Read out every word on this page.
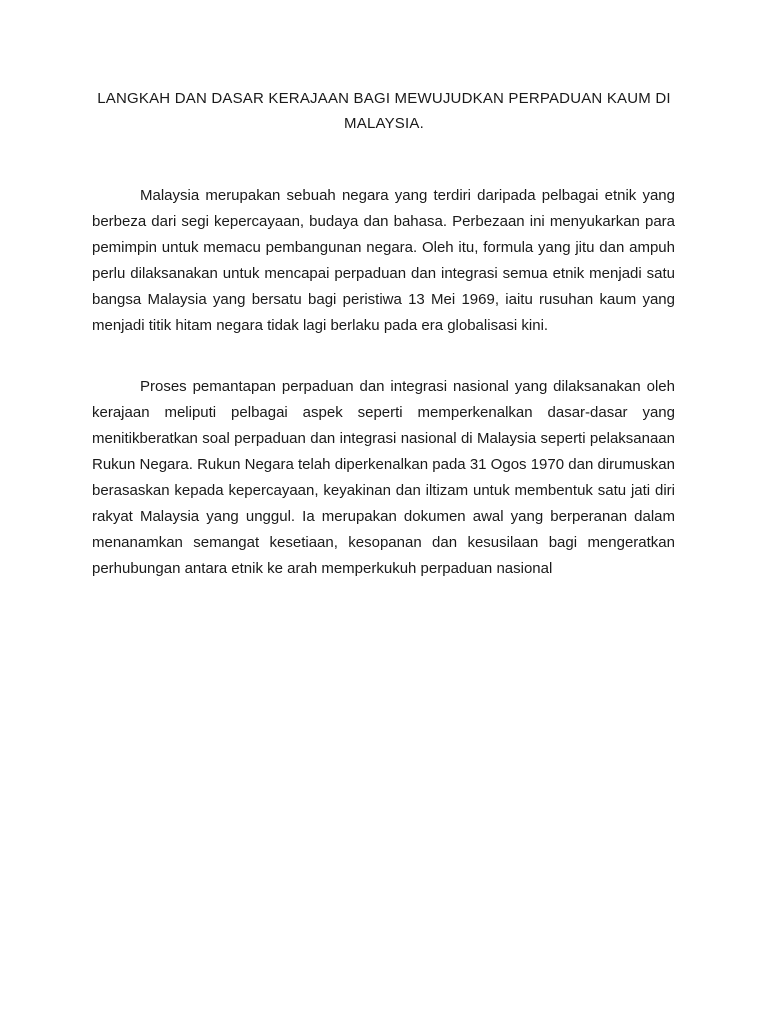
LANGKAH DAN DASAR KERAJAAN BAGI MEWUJUDKAN PERPADUAN KAUM DI MALAYSIA.

Malaysia merupakan sebuah negara yang terdiri daripada pelbagai etnik yang berbeza dari segi kepercayaan, budaya dan bahasa. Perbezaan ini menyukarkan para pemimpin untuk memacu pembangunan negara. Oleh itu, formula yang jitu dan ampuh perlu dilaksanakan untuk mencapai perpaduan dan integrasi semua etnik menjadi satu bangsa Malaysia yang bersatu bagi peristiwa 13 Mei 1969, iaitu rusuhan kaum yang menjadi titik hitam negara tidak lagi berlaku pada era globalisasi kini.

Proses pemantapan perpaduan dan integrasi nasional yang dilaksanakan oleh kerajaan meliputi pelbagai aspek seperti memperkenalkan dasar-dasar yang menitikberatkan soal perpaduan dan integrasi nasional di Malaysia seperti pelaksanaan Rukun Negara. Rukun Negara telah diperkenalkan pada 31 Ogos 1970 dan dirumuskan berasaskan kepada kepercayaan, keyakinan dan iltizam untuk membentuk satu jati diri rakyat Malaysia yang unggul. Ia merupakan dokumen awal yang berperanan dalam menanamkan semangat kesetiaan, kesopanan dan kesusilaan bagi mengeratkan perhubungan antara etnik ke arah memperkukuh perpaduan nasional
